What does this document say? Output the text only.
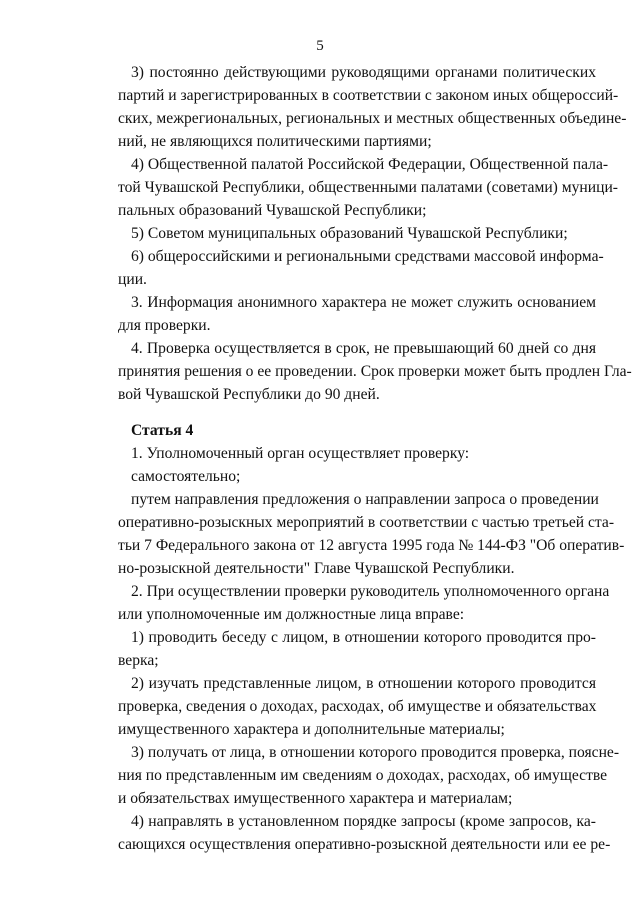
5
3) постоянно действующими руководящими органами политических
партий и зарегистрированных в соответствии с законом иных общероссий-
ских, межрегиональных, региональных и местных общественных объедине-
ний, не являющихся политическими партиями;
4) Общественной палатой Российской Федерации, Общественной пала-
той Чувашской Республики, общественными палатами (советами) муници-
пальных образований Чувашской Республики;
5) Советом муниципальных образований Чувашской Республики;
6) общероссийскими и региональными средствами массовой информа-
ции.
3. Информация анонимного характера не может служить основанием
для проверки.
4. Проверка осуществляется в срок, не превышающий 60 дней со дня
принятия решения о ее проведении. Срок проверки может быть продлен Гла-
вой Чувашской Республики до 90 дней.
Статья 4
1. Уполномоченный орган осуществляет проверку:
самостоятельно;
путем направления предложения о направлении запроса о проведении
оперативно-розыскных мероприятий в соответствии с частью третьей ста-
тьи 7 Федерального закона от 12 августа 1995 года № 144-ФЗ "Об оператив-
но-розыскной деятельности" Главе Чувашской Республики.
2. При осуществлении проверки руководитель уполномоченного органа
или уполномоченные им должностные лица вправе:
1) проводить беседу с лицом, в отношении которого проводится про-
верка;
2) изучать представленные лицом, в отношении которого проводится
проверка, сведения о доходах, расходах, об имуществе и обязательствах
имущественного характера и дополнительные материалы;
3) получать от лица, в отношении которого проводится проверка, поясне-
ния по представленным им сведениям о доходах, расходах, об имуществе
и обязательствах имущественного характера и материалам;
4) направлять в установленном порядке запросы (кроме запросов, ка-
сающихся осуществления оперативно-розыскной деятельности или ее ре-
